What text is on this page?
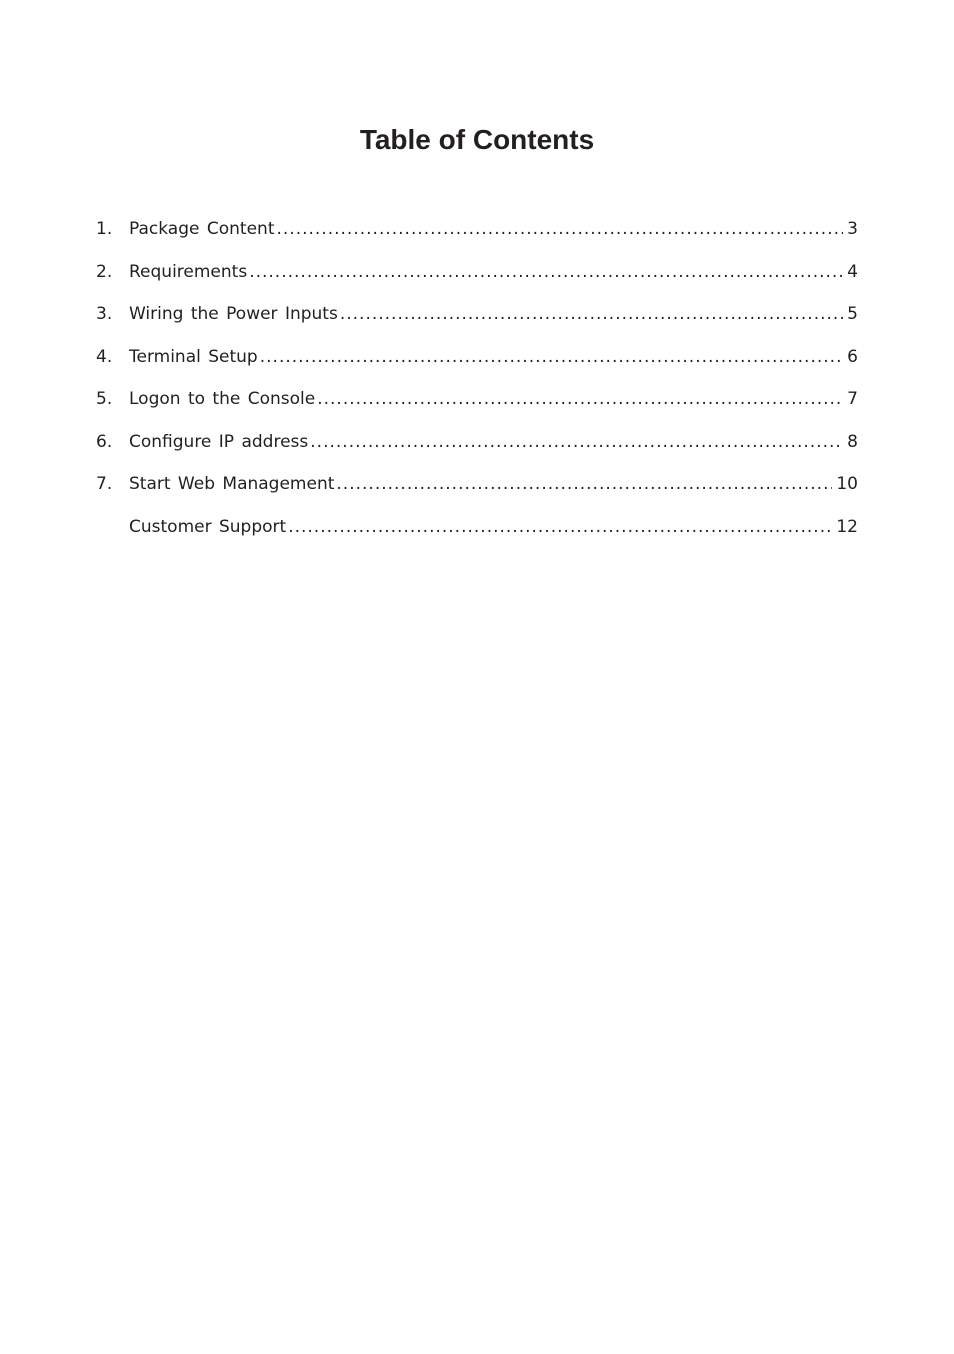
Table of Contents
1. Package Content .....	3
2. Requirements .....	4
3. Wiring the Power Inputs .....	5
4. Terminal Setup .....	6
5. Logon to the Console .....	7
6. Configure IP address .....	8
7. Start Web Management .....	10
Customer Support .....	12
